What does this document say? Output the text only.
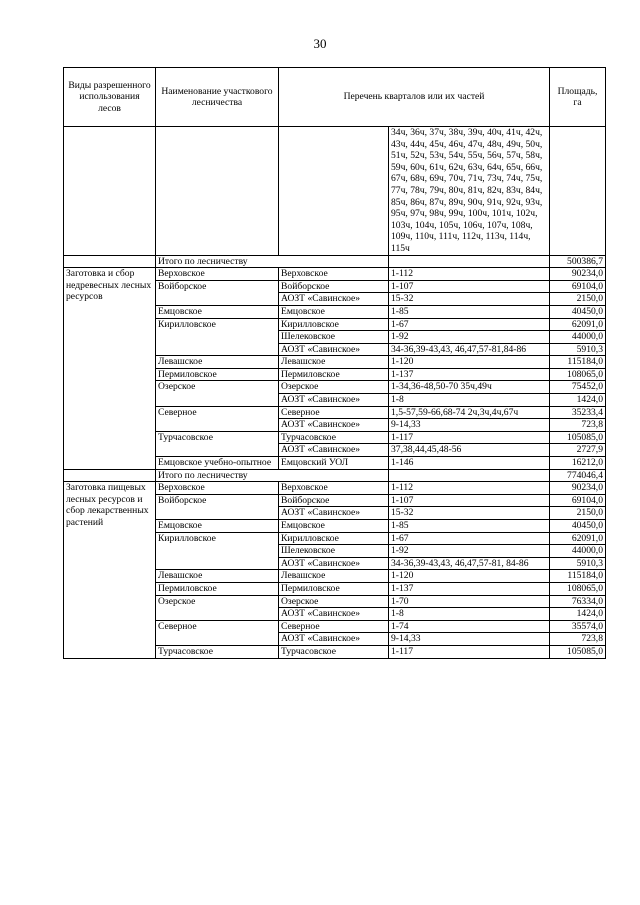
30
Виды разрешенного использования лесов	Наименование участкового лесничества	Перечень кварталов или их частей		Площадь, га
			34ч, 36ч, 37ч, 38ч, 39ч, 40ч, 41ч, 42ч, 43ч, 44ч, 45ч, 46ч, 47ч, 48ч, 49ч, 50ч, 51ч, 52ч, 53ч, 54ч, 55ч, 56ч, 57ч, 58ч, 59ч, 60ч, 61ч, 62ч, 63ч, 64ч, 65ч, 66ч, 67ч, 68ч, 69ч, 70ч, 71ч, 73ч, 74ч, 75ч, 77ч, 78ч, 79ч, 80ч, 81ч, 82ч, 83ч, 84ч, 85ч, 86ч, 87ч, 89ч, 90ч, 91ч, 92ч, 93ч, 95ч, 97ч, 98ч, 99ч, 100ч, 101ч, 102ч, 103ч, 104ч, 105ч, 106ч, 107ч, 108ч, 109ч, 110ч, 111ч, 112ч, 113ч, 114ч, 115ч	
	Итого по лесничеству			500386,7
Заготовка и сбор недревесных лесных ресурсов	Верховское	Верховское	1-112	90234,0
	Войборское	Войборское	1-107	69104,0
		АОЗТ «Савинское»	15-32	2150,0
	Емцовское	Емцовское	1-85	40450,0
	Кирилловское	Кирилловское	1-67	62091,0
		Шелековское	1-92	44000,0
		АОЗТ «Савинское»	34-36,39-43,43, 46,47,57-81,84-86	5910,3
	Левашское	Левашское	1-120	115184,0
	Пермиловское	Пермиловское	1-137	108065,0
	Озерское	Озерское	1-34,36-48,50-70 35ч,49ч	75452,0
		АОЗТ «Савинское»	1-8	1424,0
	Северное	Северное	1,5-57,59-66,68-74 2ч,3ч,4ч,67ч	35233,4
		АОЗТ «Савинское»	9-14,33	723,8
	Турчасовское	Турчасовское	1-117	105085,0
		АОЗТ «Савинское»	37,38,44,45,48-56	2727,9
	Емцовское учебно-опытное	Емцовский УОЛ	1-146	16212,0
	Итого по лесничеству			774046,4
Заготовка пищевых лесных ресурсов и сбор лекарственных растений	Верховское	Верховское	1-112	90234,0
	Войборское	Войборское	1-107	69104,0
		АОЗТ «Савинское»	15-32	2150,0
	Емцовское	Емцовское	1-85	40450,0
	Кирилловское	Кирилловское	1-67	62091,0
		Шелековское	1-92	44000,0
		АОЗТ «Савинское»	34-36,39-43,43, 46,47,57-81, 84-86	5910,3
	Левашское	Левашское	1-120	115184,0
	Пермиловское	Пермиловское	1-137	108065,0
	Озерское	Озерское	1-70	76334,0
		АОЗТ «Савинское»	1-8	1424,0
	Северное	Северное	1-74	35574,0
		АОЗТ «Савинское»	9-14,33	723,8
	Турчасовское	Турчасовское	1-117	105085,0
